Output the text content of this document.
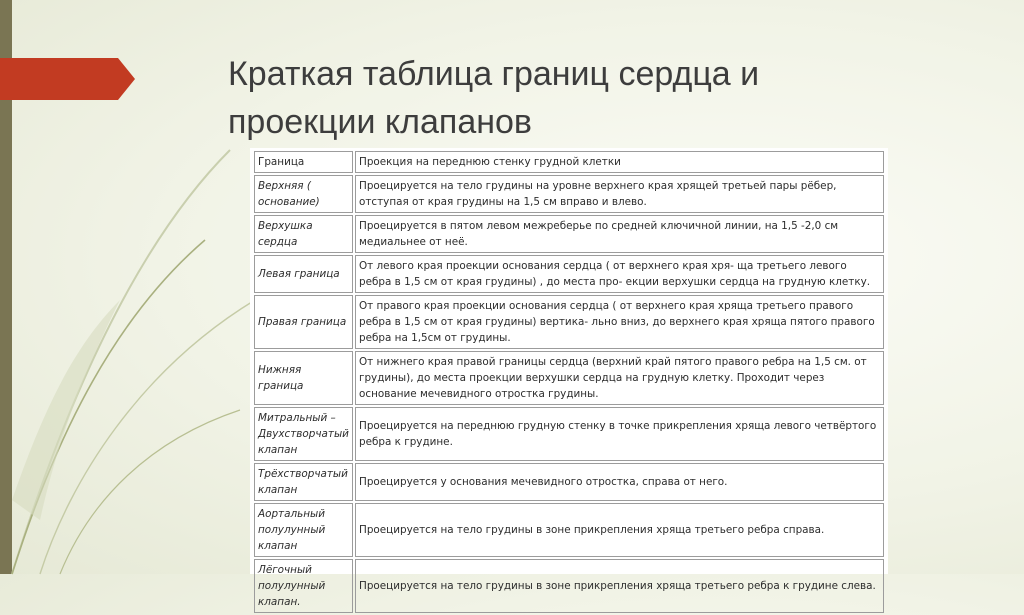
Краткая таблица границ сердца и
проекции клапанов
Граница	Проекция на переднюю стенку грудной клетки
Верхняя ( основание)	Проецируется на тело грудины на уровне верхнего края хрящей третьей пары рёбер, отступая от края грудины на 1,5 см вправо и влево.
Верхушка сердца	Проецируется в пятом левом межреберье по средней ключичной линии, на 1,5 -2,0 см медиальнее от неё.
Левая граница	От левого края проекции основания сердца ( от верхнего края хря- ща третьего левого ребра в 1,5 см от края грудины) , до места про- екции верхушки сердца на грудную клетку.
Правая граница	От правого края проекции основания сердца ( от верхнего края хряща третьего правого ребра в 1,5 см от края грудины) вертика- льно вниз, до верхнего края хряща пятого правого ребра на 1,5см от грудины.
Нижняя граница	От нижнего края правой границы сердца (верхний край пятого правого ребра на 1,5 см. от грудины), до места проекции верхушки сердца на грудную клетку. Проходит через основание мечевидного отростка грудины.
Митральный – Двухстворчатый клапан	Проецируется на переднюю грудную стенку в точке прикрепления хряща левого четвёртого ребра к грудине.
Трёхстворчатый клапан	Проецируется у основания мечевидного отростка, справа от него.
Аортальный полулунный клапан	Проецируется на тело грудины в зоне прикрепления хряща третьего ребра справа.
Лёгочный полулунный клапан.	Проецируется на тело грудины в зоне прикрепления хряща третьего ребра к грудине слева.
